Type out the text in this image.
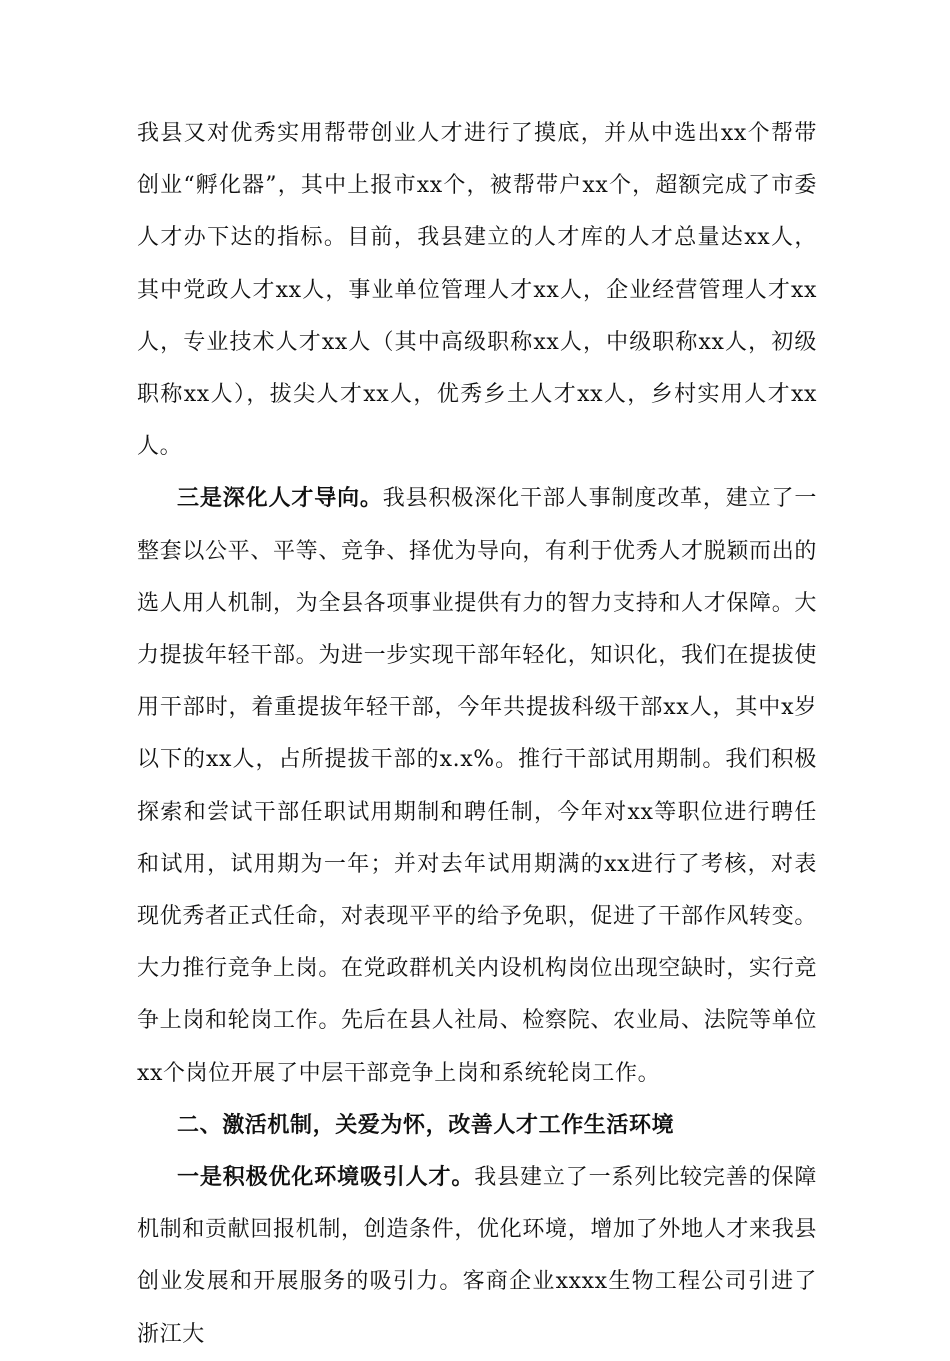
我县又对优秀实用帮带创业人才进行了摸底，并从中选出xx个帮带创业“孵化器”，其中上报市xx个，被帮带户xx个，超额完成了市委人才办下达的指标。目前，我县建立的人才库的人才总量达xx人，其中党政人才xx人，事业单位管理人才xx人，企业经营管理人才xx人，专业技术人才xx人（其中高级职称xx人，中级职称xx人，初级职称xx人），拔尖人才xx人，优秀乡土人才xx人，乡村实用人才xx人。

三是深化人才导向。我县积极深化干部人事制度改革，建立了一整套以公平、平等、竞争、择优为导向，有利于优秀人才脱颖而出的选人用人机制，为全县各项事业提供有力的智力支持和人才保障。大力提拔年轻干部。为进一步实现干部年轻化，知识化，我们在提拔使用干部时，着重提拔年轻干部，今年共提拔科级干部xx人，其中x岁以下的xx人，占所提拔干部的x.x%。推行干部试用期制。我们积极探索和尝试干部任职试用期制和聘任制，今年对xx等职位进行聘任和试用，试用期为一年；并对去年试用期满的xx进行了考核，对表现优秀者正式任命，对表现平平的给予免职，促进了干部作风转变。大力推行竞争上岗。在党政群机关内设机构岗位出现空缺时，实行竞争上岗和轮岗工作。先后在县人社局、检察院、农业局、法院等单位xx个岗位开展了中层干部竞争上岗和系统轮岗工作。

二、激活机制，关爱为怀，改善人才工作生活环境

一是积极优化环境吸引人才。我县建立了一系列比较完善的保障机制和贡献回报机制，创造条件，优化环境，增加了外地人才来我县创业发展和开展服务的吸引力。客商企业xxxx生物工程公司引进了浙江大
